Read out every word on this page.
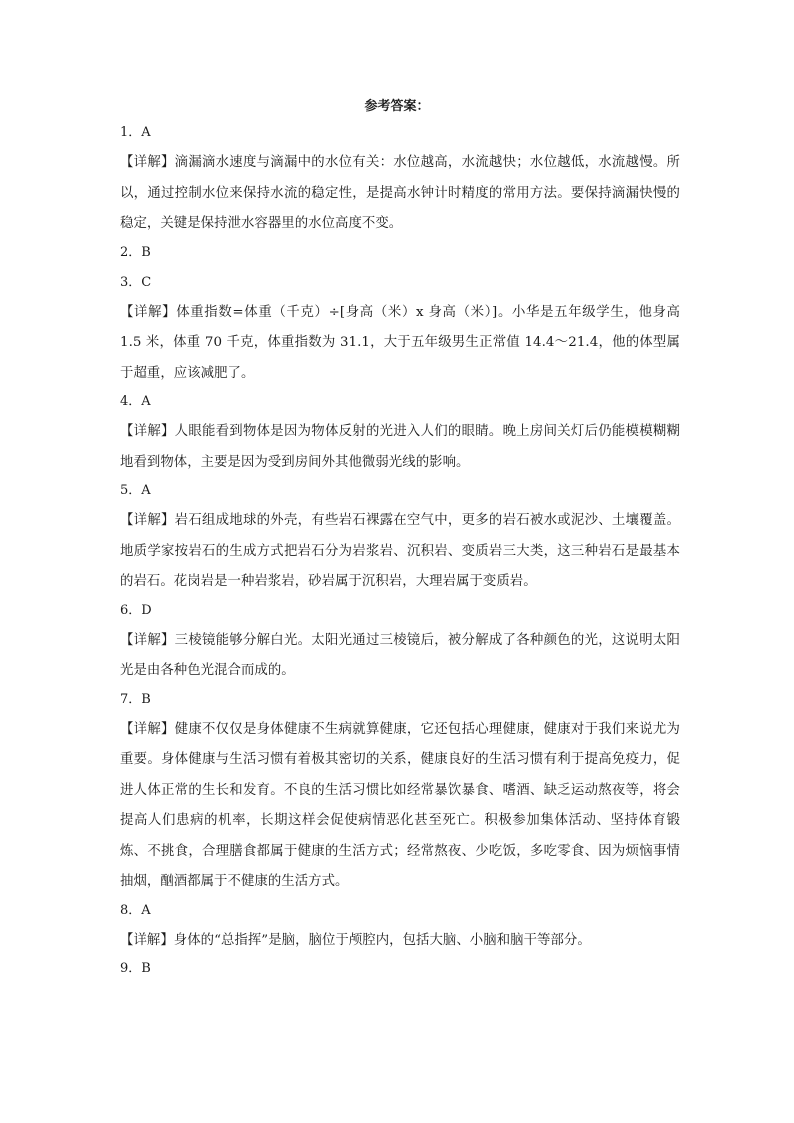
参考答案：
1．A
【详解】滴漏滴水速度与滴漏中的水位有关：水位越高，水流越快；水位越低，水流越慢。所以，通过控制水位来保持水流的稳定性，是提高水钟计时精度的常用方法。要保持滴漏快慢的稳定，关键是保持泄水容器里的水位高度不变。
2．B
3．C
【详解】体重指数=体重（千克）÷[身高（米）x 身高（米）]。小华是五年级学生，他身高 1.5 米，体重 70 千克，体重指数为 31.1，大于五年级男生正常值 14.4～21.4，他的体型属于超重，应该减肥了。
4．A
【详解】人眼能看到物体是因为物体反射的光进入人们的眼睛。晚上房间关灯后仍能模模糊糊地看到物体，主要是因为受到房间外其他微弱光线的影响。
5．A
【详解】岩石组成地球的外壳，有些岩石裸露在空气中，更多的岩石被水或泥沙、土壤覆盖。地质学家按岩石的生成方式把岩石分为岩浆岩、沉积岩、变质岩三大类，这三种岩石是最基本的岩石。花岗岩是一种岩浆岩，砂岩属于沉积岩，大理岩属于变质岩。
6．D
【详解】三棱镜能够分解白光。太阳光通过三棱镜后，被分解成了各种颜色的光，这说明太阳光是由各种色光混合而成的。
7．B
【详解】健康不仅仅是身体健康不生病就算健康，它还包括心理健康，健康对于我们来说尤为重要。身体健康与生活习惯有着极其密切的关系，健康良好的生活习惯有利于提高免疫力，促进人体正常的生长和发育。不良的生活习惯比如经常暴饮暴食、嗜酒、缺乏运动熬夜等，将会提高人们患病的机率，长期这样会促使病情恶化甚至死亡。积极参加集体活动、坚持体育锻炼、不挑食，合理膳食都属于健康的生活方式；经常熬夜、少吃饭，多吃零食、因为烦恼事情抽烟，酗酒都属于不健康的生活方式。
8．A
【详解】身体的“总指挥”是脑，脑位于颅腔内，包括大脑、小脑和脑干等部分。
9．B
